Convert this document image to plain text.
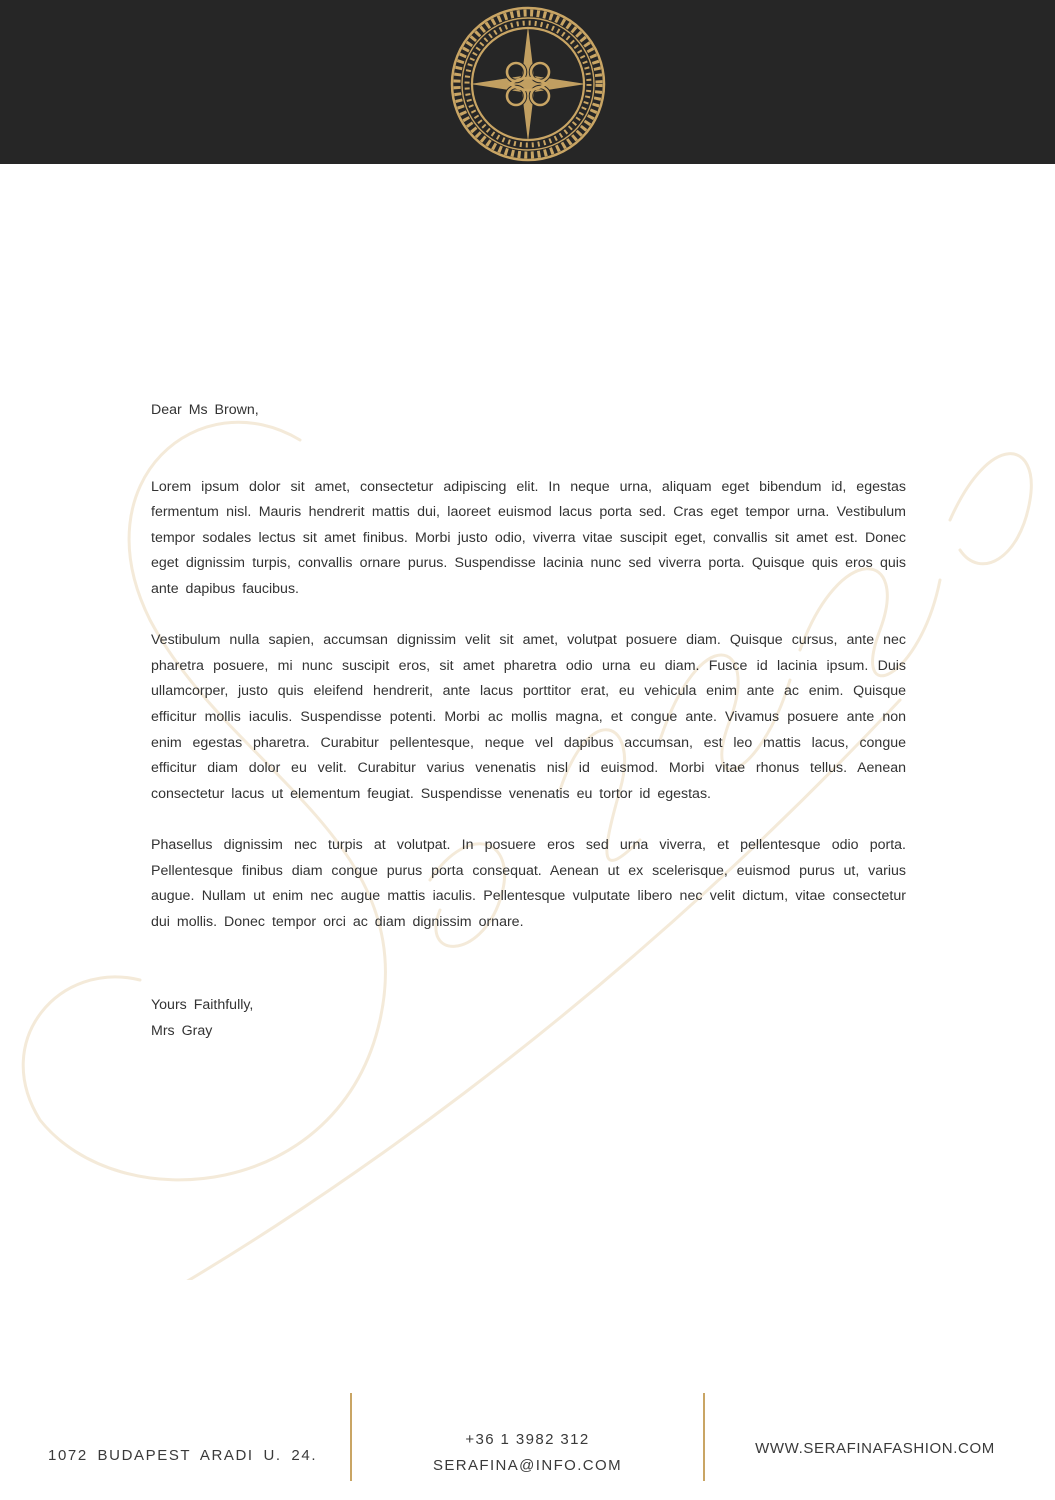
Dear Ms Brown,

Lorem ipsum dolor sit amet, consectetur adipiscing elit. In neque urna, aliquam eget bibendum id, egestas fermentum nisl. Mauris hendrerit mattis dui, laoreet euismod lacus porta sed. Cras eget tempor urna. Vestibulum tempor sodales lectus sit amet finibus. Morbi justo odio, viverra vitae suscipit eget, convallis sit amet est. Donec eget dignissim turpis, convallis ornare purus. Suspendisse lacinia nunc sed viverra porta. Quisque quis eros quis ante dapibus faucibus.

Vestibulum nulla sapien, accumsan dignissim velit sit amet, volutpat posuere diam. Quisque cursus, ante nec pharetra posuere, mi nunc suscipit eros, sit amet pharetra odio urna eu diam. Fusce id lacinia ipsum. Duis ullamcorper, justo quis eleifend hendrerit, ante lacus porttitor erat, eu vehicula enim ante ac enim. Quisque efficitur mollis iaculis. Suspendisse potenti. Morbi ac mollis magna, et congue ante. Vivamus posuere ante non enim egestas pharetra. Curabitur pellentesque, neque vel dapibus accumsan, est leo mattis lacus, congue efficitur diam dolor eu velit. Curabitur varius venenatis nisl id euismod. Morbi vitae rhonus tellus. Aenean consectetur lacus ut elementum feugiat. Suspendisse venenatis eu tortor id egestas.

Phasellus dignissim nec turpis at volutpat. In posuere eros sed urna viverra, et pellentesque odio porta. Pellentesque finibus diam congue purus porta consequat. Aenean ut ex scelerisque, euismod purus ut, varius augue. Nullam ut enim nec augue mattis iaculis. Pellentesque vulputate libero nec velit dictum, vitae consectetur dui mollis. Donec tempor orci ac diam dignissim ornare.

Yours Faithfully,
Mrs Gray
1072 BUDAPEST ARADI U. 24.
+36 1 3982 312
SERAFINA@INFO.COM
WWW.SERAFINAFASHION.COM
